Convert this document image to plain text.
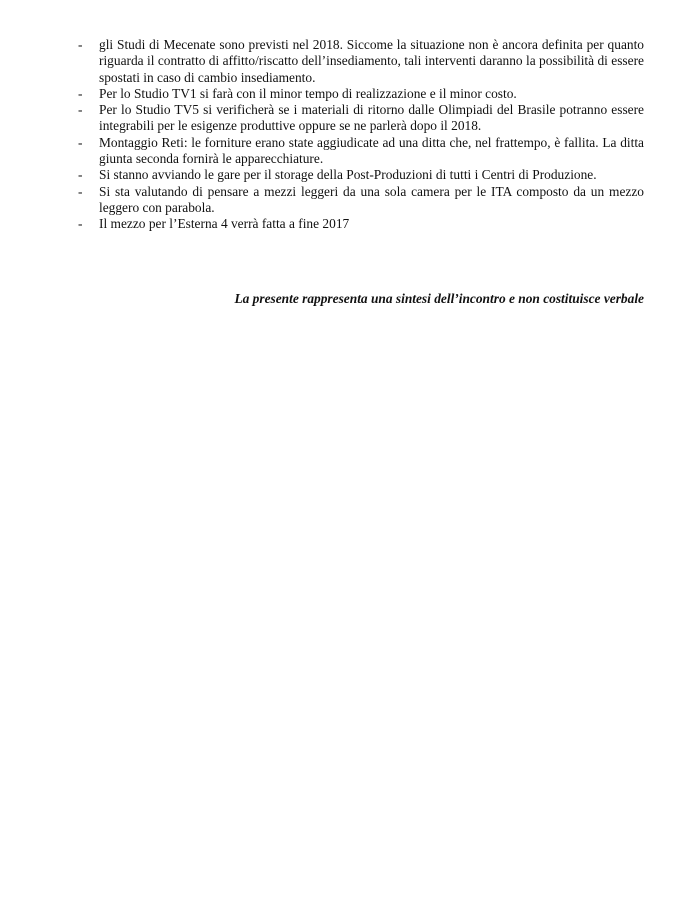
- gli Studi di Mecenate sono previsti nel 2018. Siccome la situazione non è ancora definita per quanto riguarda il contratto di affitto/riscatto dell’insediamento, tali interventi daranno la possibilità di essere spostati in caso di cambio insediamento.
- Per lo Studio TV1 si farà con il minor tempo di realizzazione e il minor costo.
- Per lo Studio TV5 si verificherà se i materiali di ritorno dalle Olimpiadi del Brasile potranno essere integrabili per le esigenze produttive oppure se ne parlerà dopo il 2018.
- Montaggio Reti: le forniture erano state aggiudicate ad una ditta che, nel frattempo, è fallita. La ditta giunta seconda fornirà le apparecchiature.
- Si stanno avviando le gare per il storage della Post-Produzioni di tutti i Centri di Produzione.
- Si sta valutando di pensare a mezzi leggeri da una sola camera per le ITA composto da un mezzo leggero con parabola.
- Il mezzo per l’Esterna 4 verrà fatta a fine 2017
La presente rappresenta una sintesi dell’incontro e non costituisce verbale
